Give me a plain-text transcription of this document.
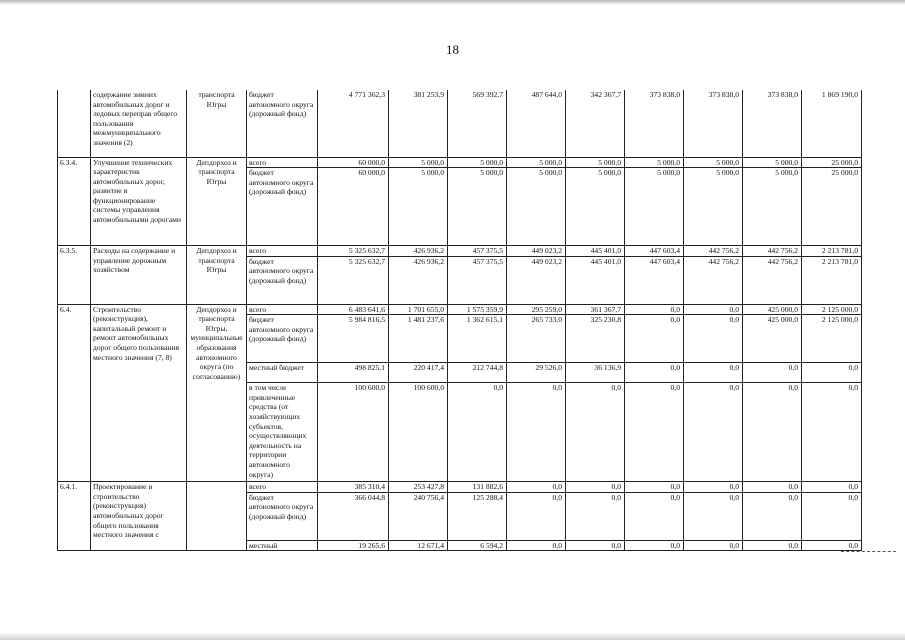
18
	содержание зимних автомобильных дорог и ледовых переправ общего пользования межмуниципального значения (2)	транспорта Югры	бюджет автономного округа (дорожный фонд)	4 771 362,3	381 253,9	569 392,7	487 644,0	342 367,7	373 838,0	373 838,0	373 838,0	1 869 190,0
6.3.4.	Улучшение технических характеристик автомобильных дорог, развитие и функционирование системы управления автомобильными дорогами	Депдорхоз и транспорта Югры	всего	60 000,0	5 000,0	5 000,0	5 000,0	5 000,0	5 000,0	5 000,0	5 000,0	25 000,0
			бюджет автономного округа (дорожный фонд)	60 000,0	5 000,0	5 000,0	5 000,0	5 000,0	5 000,0	5 000,0	5 000,0	25 000,0
6.3.5.	Расходы на содержание и управление дорожным хозяйством	Депдорхоз и транспорта Югры	всего	5 325 632,7	426 936,2	457 375,5	449 023,2	445 401,0	447 603,4	442 756,2	442 756,2	2 213 781,0
			бюджет автономного округа (дорожный фонд)	5 325 632,7	426 936,2	457 375,5	449 023,2	445 401,0	447 603,4	442 756,2	442 756,2	2 213 781,0
6.4.	Строительство (реконструкция), капитальный ремонт и ремонт автомобильных дорог общего пользования местного значения (7, 8)	Депдорхоз и транспорта Югры, муниципальные образования автономного округа (по согласованию)	всего	6 483 641,6	1 701 655,0	1 575 359,9	295 259,0	361 367,7	0,0	0,0	425 000,0	2 125 000,0
			бюджет автономного округа (дорожный фонд)	5 984 816,5	1 481 237,6	1 362 615,1	265 733,0	325 230,8	0,0	0,0	425 000,0	2 125 000,0
			местный бюджет	498 825,1	220 417,4	212 744,8	29 526,0	36 136,9	0,0	0,0	0,0	0,0
			в том числе привлеченные средства (от хозяйствующих субъектов, осуществляющих деятельность на территории автономного округа)	100 600,0	100 600,0	0,0	0,0	0,0	0,0	0,0	0,0	0,0
6.4.1.	Проектирование и строительство (реконструкция) автомобильных дорог общего пользования местного значения с		всего	385 310,4	253 427,8	131 882,6	0,0	0,0	0,0	0,0	0,0	0,0
			бюджет автономного округа (дорожный фонд)	366 044,8	240 756,4	125 288,4	0,0	0,0	0,0	0,0	0,0	0,0
			местный	19 265,6	12 671,4	6 594,2	0,0	0,0	0,0	0,0	0,0	0,0
